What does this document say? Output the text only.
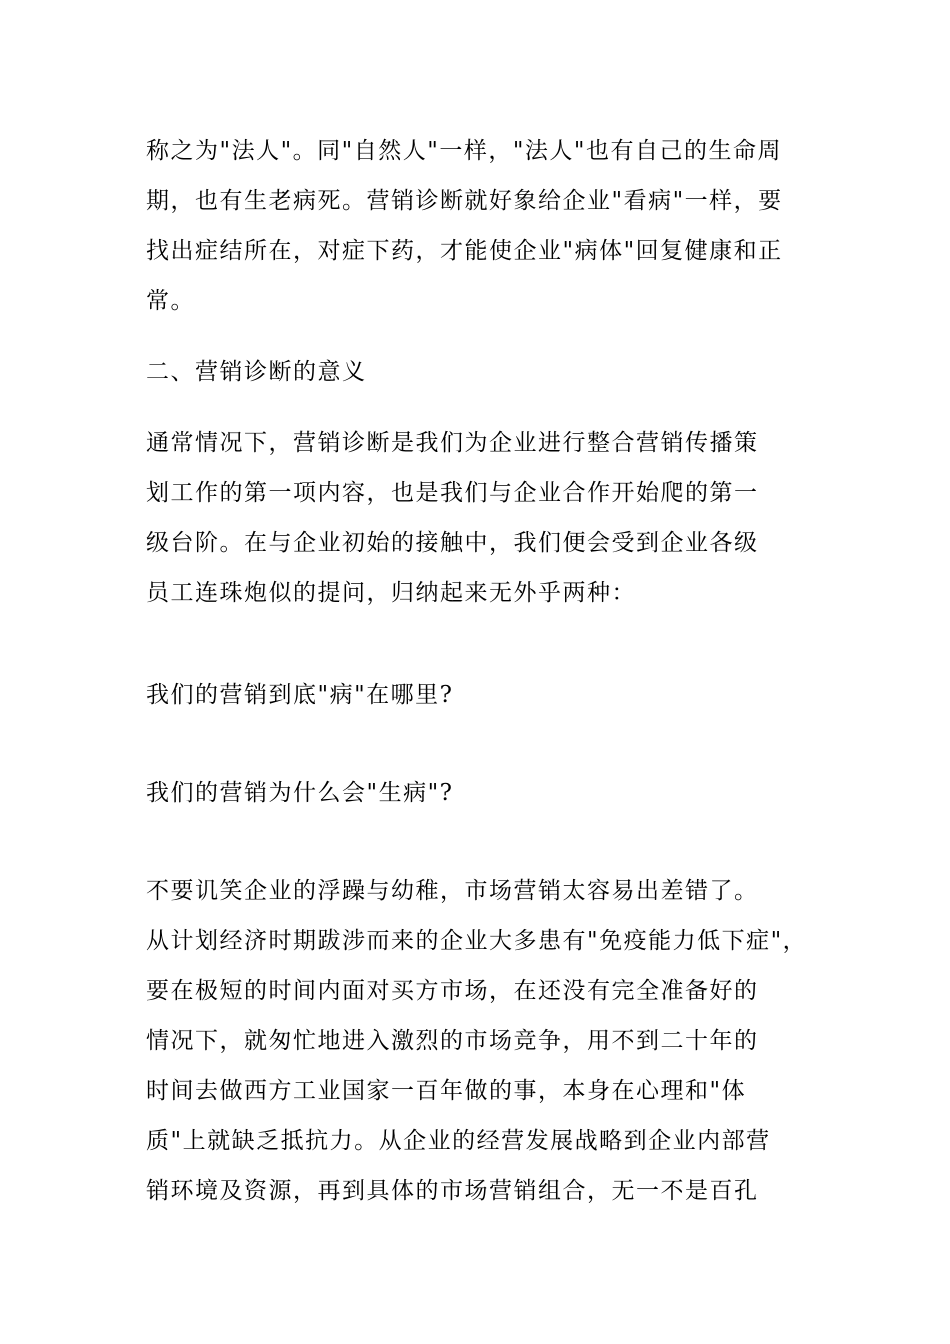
称之为"法人"。同"自然人"一样，"法人"也有自己的生命周
期，也有生老病死。营销诊断就好象给企业"看病"一样，要
找出症结所在，对症下药，才能使企业"病体"回复健康和正
常。
二、营销诊断的意义
通常情况下，营销诊断是我们为企业进行整合营销传播策
划工作的第一项内容，也是我们与企业合作开始爬的第一
级台阶。在与企业初始的接触中，我们便会受到企业各级
员工连珠炮似的提问，归纳起来无外乎两种：
我们的营销到底"病"在哪里?
我们的营销为什么会"生病"?
不要讥笑企业的浮躁与幼稚，市场营销太容易出差错了。
从计划经济时期跋涉而来的企业大多患有"免疫能力低下症"，
要在极短的时间内面对买方市场，在还没有完全准备好的
情况下，就匆忙地进入激烈的市场竞争，用不到二十年的
时间去做西方工业国家一百年做的事，本身在心理和"体
质"上就缺乏抵抗力。从企业的经营发展战略到企业内部营
销环境及资源，再到具体的市场营销组合，无一不是百孔
